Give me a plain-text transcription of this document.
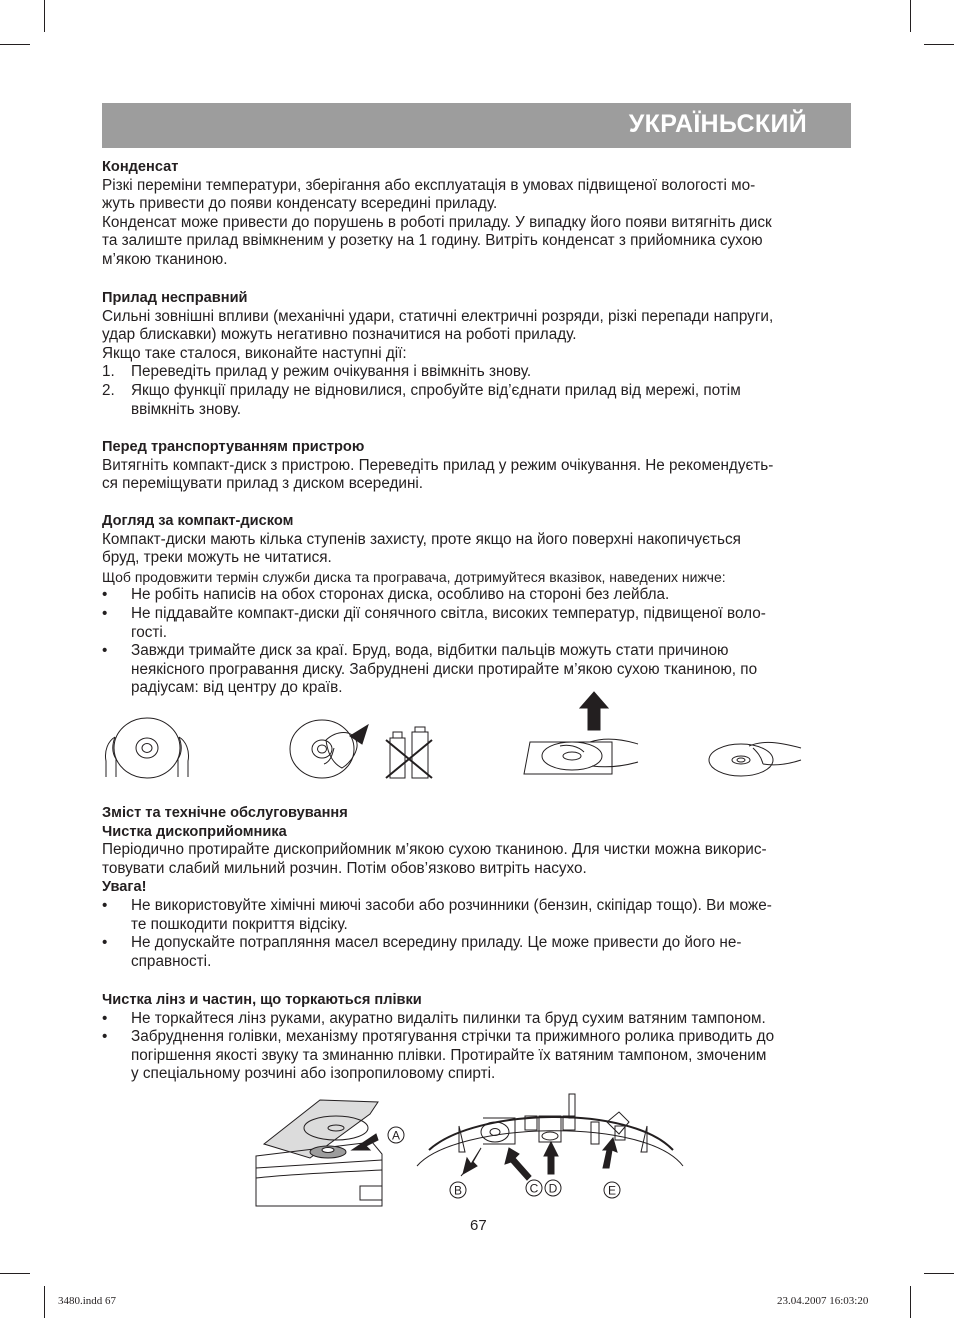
УКРАЇНЬСКИЙ

Конденсат

Різкі переміни температури, зберігання або експлуатація в умовах підвищеної вологості мо-

жуть привести до появи конденсату всередині приладу.

Конденсат може привести до порушень в роботі приладу. У випадку його появи витягніть диск

та залиште прилад ввімкненим у розетку на 1 годину. Витріть конденсат з прийомника сухою

м’якою тканиною.

Прилад несправний

Сильні зовнішні впливи (механічні удари, статичні електричні розряди, різкі перепади напруги,

удар блискавки) можуть негативно позначитися на роботі приладу.

Якщо таке сталося, виконайте наступні дії:

1. Переведіть прилад у режим очікування і ввімкніть знову.
2. Якщо функції приладу не відновилися, спробуйте від’єднати прилад від мережі, потім

ввімкніть знову.

Перед транспортуванням пристрою

Витягніть компакт-диск з пристрою. Переведіть прилад у режим очікування. Не рекомендуєть-

ся переміщувати прилад з диском всередині.

Догляд за компакт-диском

Компакт-диски мають кілька ступенів захисту, проте якщо на його поверхні накопичується

бруд, треки можуть не читатися.

Щоб продовжити термін служби диска та програвача, дотримуйтеся вказівок, наведених нижче:

• Не робіть написів на обох сторонах диска, особливо на стороні без лейбла.

• Не піддавайте компакт-диски дії сонячного світла, високих температур, підвищеної воло-

гості.

• Завжди тримайте диск за краї. Бруд, вода, відбитки пальців можуть стати причиною

неякісного програвання диску. Забруднені диски протирайте м’якою сухою тканиною, по

радіусам: від центру до країв.

Зміст та технічне обслуговування

Чистка дископрийомника

Періодично протирайте дископрийомник м’якою сухою тканиною. Для чистки можна викорис-

товувати слабий мильний розчин. Потім обов’язково витріть насухо.

Увага!

• Не використовуйте хімічні миючі засоби або розчинники (бензин, скіпідар тощо). Ви може-

те пошкодити покриття відсіку.

• Не допускайте потрапляння масел всередину приладу. Це може привести до його не-

справності.

Чистка лінз и частин, що торкаються плівки

• Не торкайтеся лінз руками, акуратно видаліть пилинки та бруд сухим ватяним тампоном.

• Забруднення голівки, механізму протягування стрічки та прижимного ролика приводить до

погіршення якості звуку та зминанню плівки. Протирайте їх ватяним тампоном, змоченим

у спеціальному розчині або ізопропиловому спирті.

A
B	C D	E
67
3480.indd 67	23.04.2007 16:03:20
